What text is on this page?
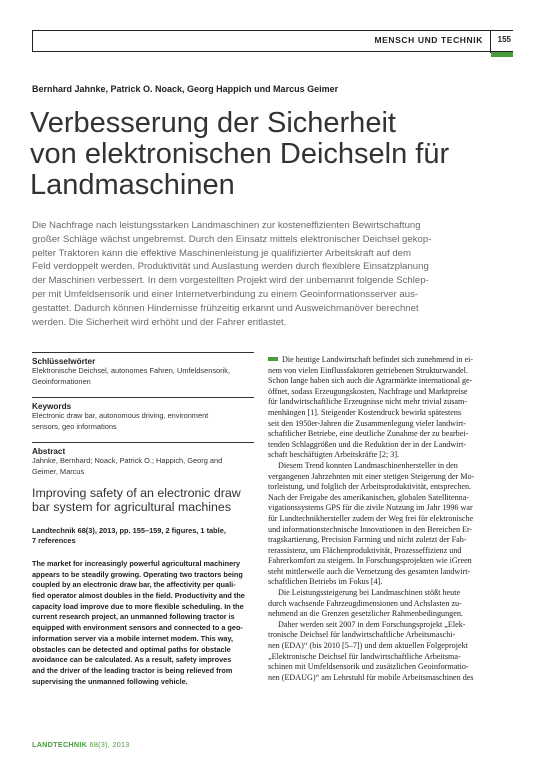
MENSCH UND TECHNIK 155
Bernhard Jahnke, Patrick O. Noack, Georg Happich und Marcus Geimer
Verbesserung der Sicherheit
von elektronischen Deichseln für
Landmaschinen
Die Nachfrage nach leistungsstarken Landmaschinen zur kosteneffizienten Bewirtschaftung
großer Schläge wächst ungebremst. Durch den Einsatz mittels elektronischer Deichsel gekop-
pelter Traktoren kann die effektive Maschinenleistung je qualifizierter Arbeitskraft auf dem
Feld verdoppelt werden. Produktivität und Auslastung werden durch flexiblere Einsatzplanung
der Maschinen verbessert. In dem vorgestellten Projekt wird der unbemannt folgende Schlep-
per mit Umfeldsensorik und einer Internetverbindung zu einem Geoinformationsserver aus-
gestattet. Dadurch können Hindernisse frühzeitig erkannt und Ausweichmanöver berechnet
werden. Die Sicherheit wird erhöht und der Fahrer entlastet.

Schlüsselwörter

Elektronische Deichsel, autonomes Fahren, Umfeldsensorik,
Geoinformationen

Keywords

Electronic draw bar, autonomous driving, environment
sensors, geo informations

Abstract

Jahnke, Bernhard; Noack, Patrick O.; Happich, Georg and
Geimer, Marcus
Improving safety of an electronic draw
bar system for agricultural machines
Landtechnik 68(3), 2013, pp. 155–159, 2 figures, 1 table,
7 references
The market for increasingly powerful agricultural machinery
appears to be steadily growing. Operating two tractors being
coupled by an electronic draw bar, the affectivity per quali-
fied operator almost doubles in the field. Productivity and the
capacity load improve due to more flexible scheduling. In the
current research project, an unmanned following tractor is
equipped with environment sensors and connected to a geo-
information server via a mobile internet modem. This way,
obstacles can be detected and optimal paths for obstacle
avoidance can be calculated. As a result, safety improves
and the driver of the leading tractor is being relieved from
supervising the unmanned following vehicle.
Die heutige Landwirtschaft befindet sich zunehmend in ei-
nem von vielen Einflussfaktoren getriebenen Strukturwandel.
Schon lange haben sich auch die Agrarmärkte international ge-
öffnet, sodass Erzeugungskosten, Nachfrage und Marktpreise
für landwirtschaftliche Erzeugnisse nicht mehr trivial zusam-
menhängen [1]. Steigender Kostendruck bewirkt spätestens
seit den 1950er-Jahren die Zusammenlegung vieler landwirt-
schaftlicher Betriebe, eine deutliche Zunahme der zu bearbei-
tenden Schlaggrößen und die Reduktion der in der Landwirt-
schaft beschäftigten Arbeitskräfte [2; 3].
Diesem Trend konnten Landmaschinenhersteller in den
vergangenen Jahrzehnten mit einer stetigen Steigerung der Mo-
torleistung, und folglich der Arbeitsproduktivität, entsprechen.
Nach der Freigabe des amerikanischen, globalen Satellitenna-
vigationssystems GPS für die zivile Nutzung im Jahr 1996 war
für Landtechnikhersteller zudem der Weg frei für elektronische
und informationstechnische Innovationen in den Bereichen Er-
tragskartierung, Precision Farming und nicht zuletzt der Fah-
rerassistenz, um Flächenproduktivität, Prozesseffizienz und
Fahrerkomfort zu steigern. In Forschungsprojekten wie iGreen
steht mittlerweile auch die Vernetzung des gesamten landwirt-
schaftlichen Betriebs im Fokus [4].
Die Leistungssteigerung bei Landmaschinen stößt heute
durch wachsende Fahrzeugdimensionen und Achslasten zu-
nehmend an die Grenzen gesetzlicher Rahmenbedingungen.
Daher werden seit 2007 in dem Forschungsprojekt „Elek-
tronische Deichsel für landwirtschaftliche Arbeitsmaschi-
nen (EDA)“ (bis 2010 [5–7]) und dem aktuellen Folgeprojekt
„Elektronische Deichsel für landwirtschaftliche Arbeitsma-
schinen mit Umfeldsensorik und zusätzlichen Geoinformatio-
nen (EDAUG)“ am Lehrstuhl für mobile Arbeitsmaschinen des
LANDTECHNIK 68(3), 2013
